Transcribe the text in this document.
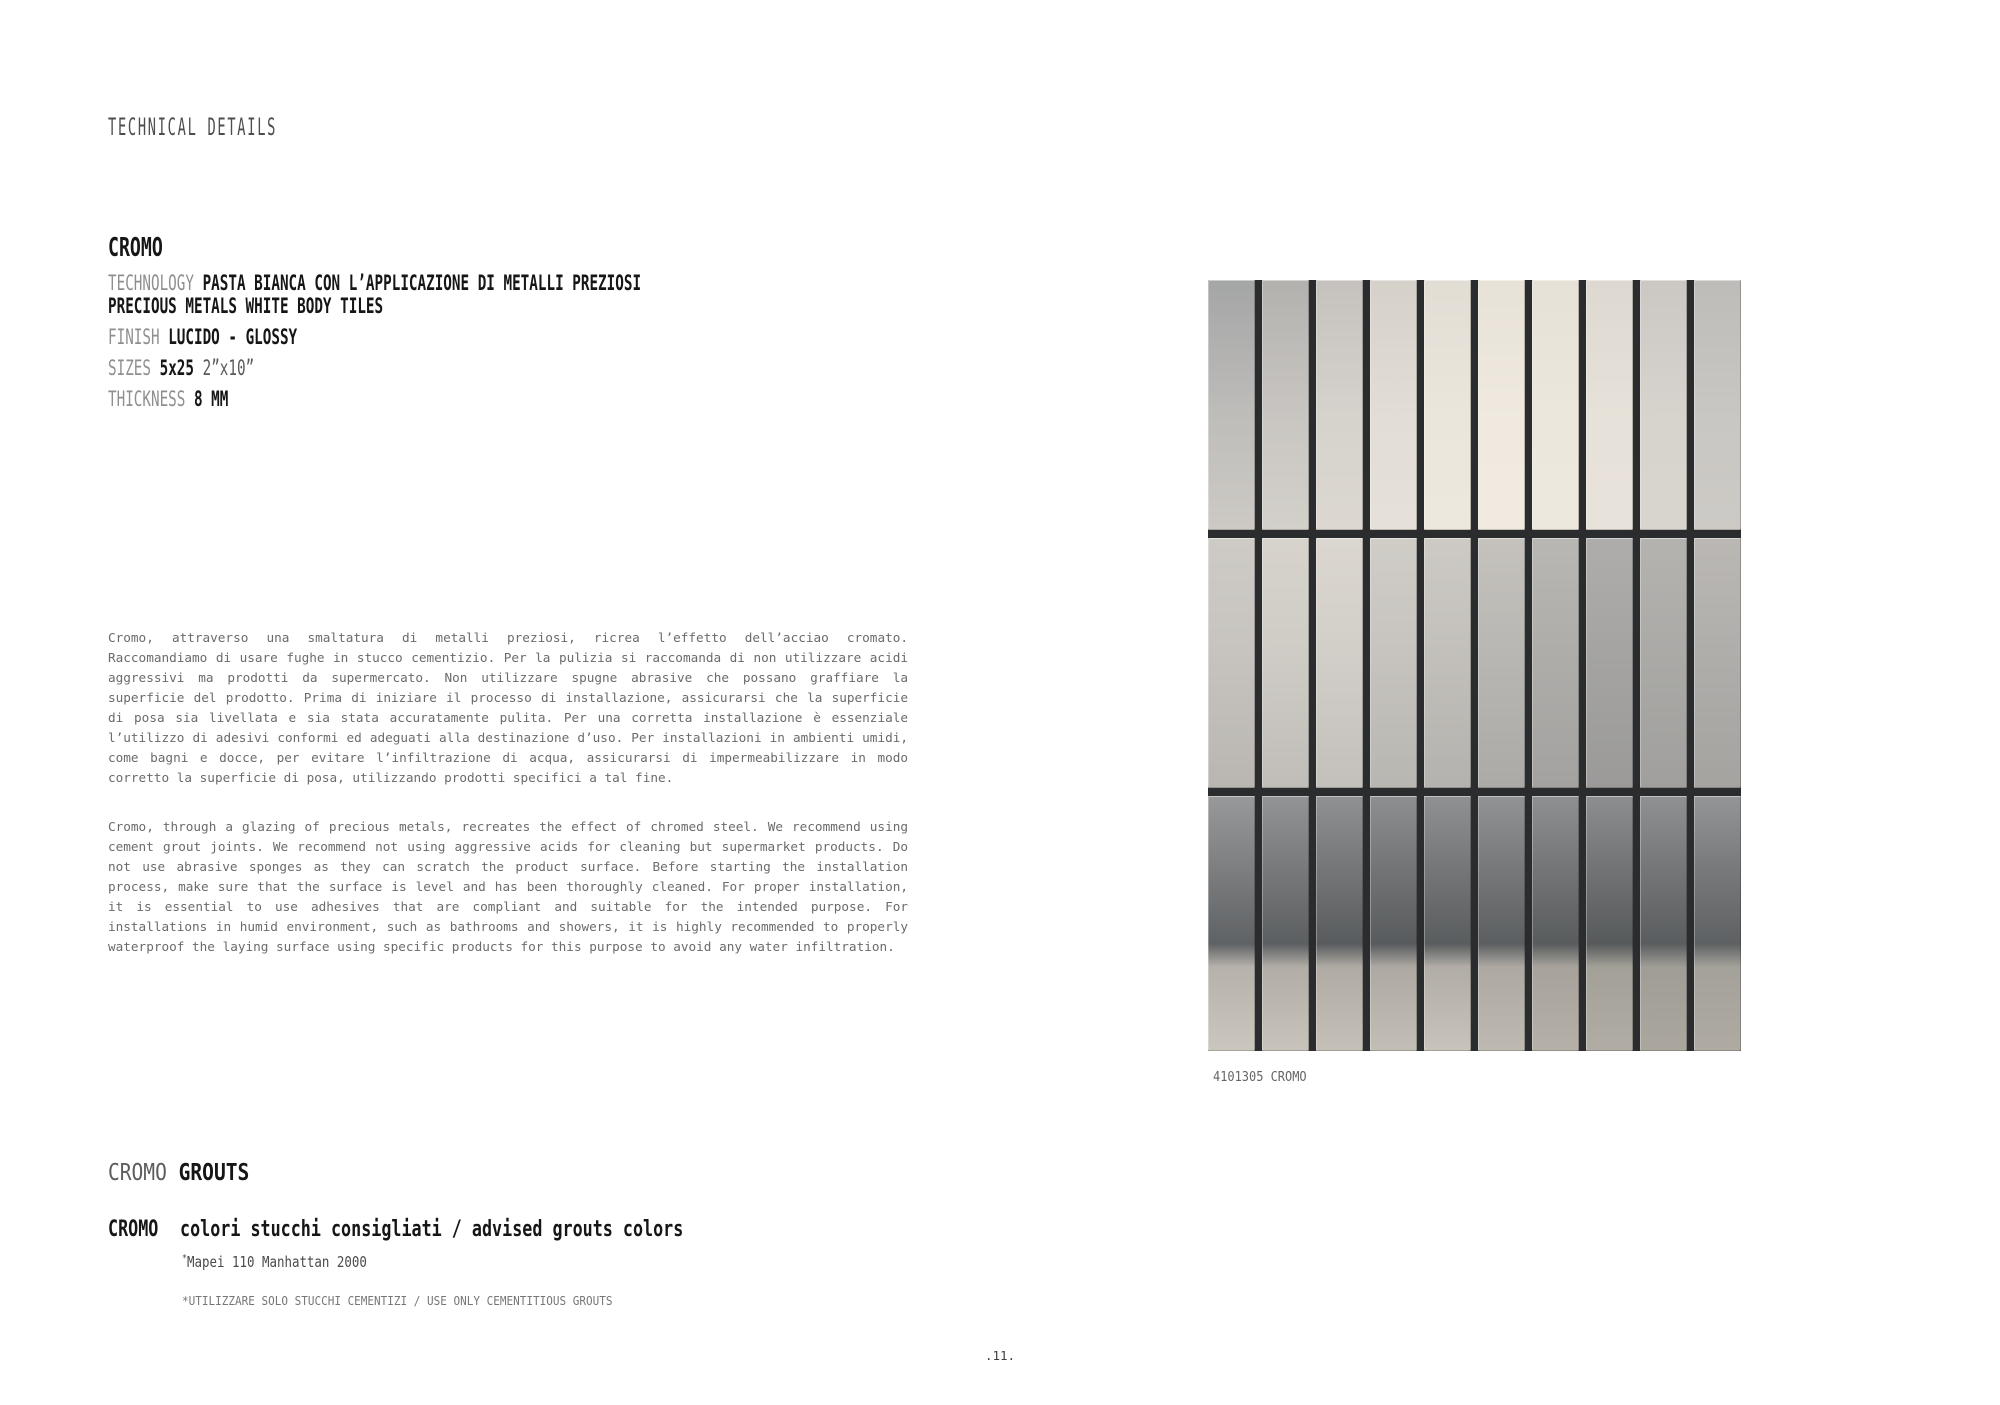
TECHNICAL DETAILS
CROMO
TECHNOLOGY PASTA BIANCA CON L’APPLICAZIONE DI METALLI PREZIOSI
PRECIOUS METALS WHITE BODY TILES
FINISH LUCIDO - GLOSSY
SIZES 5x25 2”x10”
THICKNESS 8 MM

Cromo, attraverso una smaltatura di metalli preziosi, ricrea l’effetto dell’acciao cromato. Raccomandiamo di usare fughe in stucco cementizio. Per la pulizia si raccomanda di non utilizzare acidi aggressivi ma prodotti da supermercato. Non utilizzare spugne abrasive che possano graffiare la superficie del prodotto. Prima di iniziare il processo di installazione, assicurarsi che la superficie di posa sia livellata e sia stata accuratamente pulita. Per una corretta installazione è essenziale l’utilizzo di adesivi conformi ed adeguati alla destinazione d’uso. Per installazioni in ambienti umidi, come bagni e docce, per evitare l’infiltrazione di acqua, assicurarsi di impermeabilizzare in modo corretto la superficie di posa, utilizzando prodotti specifici a tal fine.

Cromo, through a glazing of precious metals, recreates the effect of chromed steel. We recommend using cement grout joints. We recommend not using aggressive acids for cleaning but supermarket products. Do not use abrasive sponges as they can scratch the product surface. Before starting the installation process, make sure that the surface is level and has been thoroughly cleaned. For proper installation, it is essential to use adhesives that are compliant and suitable for the intended purpose. For installations in humid environment, such as bathrooms and showers, it is highly recommended to properly waterproof the laying surface using specific products for this purpose to avoid any water infiltration.

4101305 CROMO
CROMO GROUTS
CROMO colori stucchi consigliati / advised grouts colors
*Mapei 110 Manhattan 2000
*UTILIZZARE SOLO STUCCHI CEMENTIZI / USE ONLY CEMENTITIOUS GROUTS
.11.
